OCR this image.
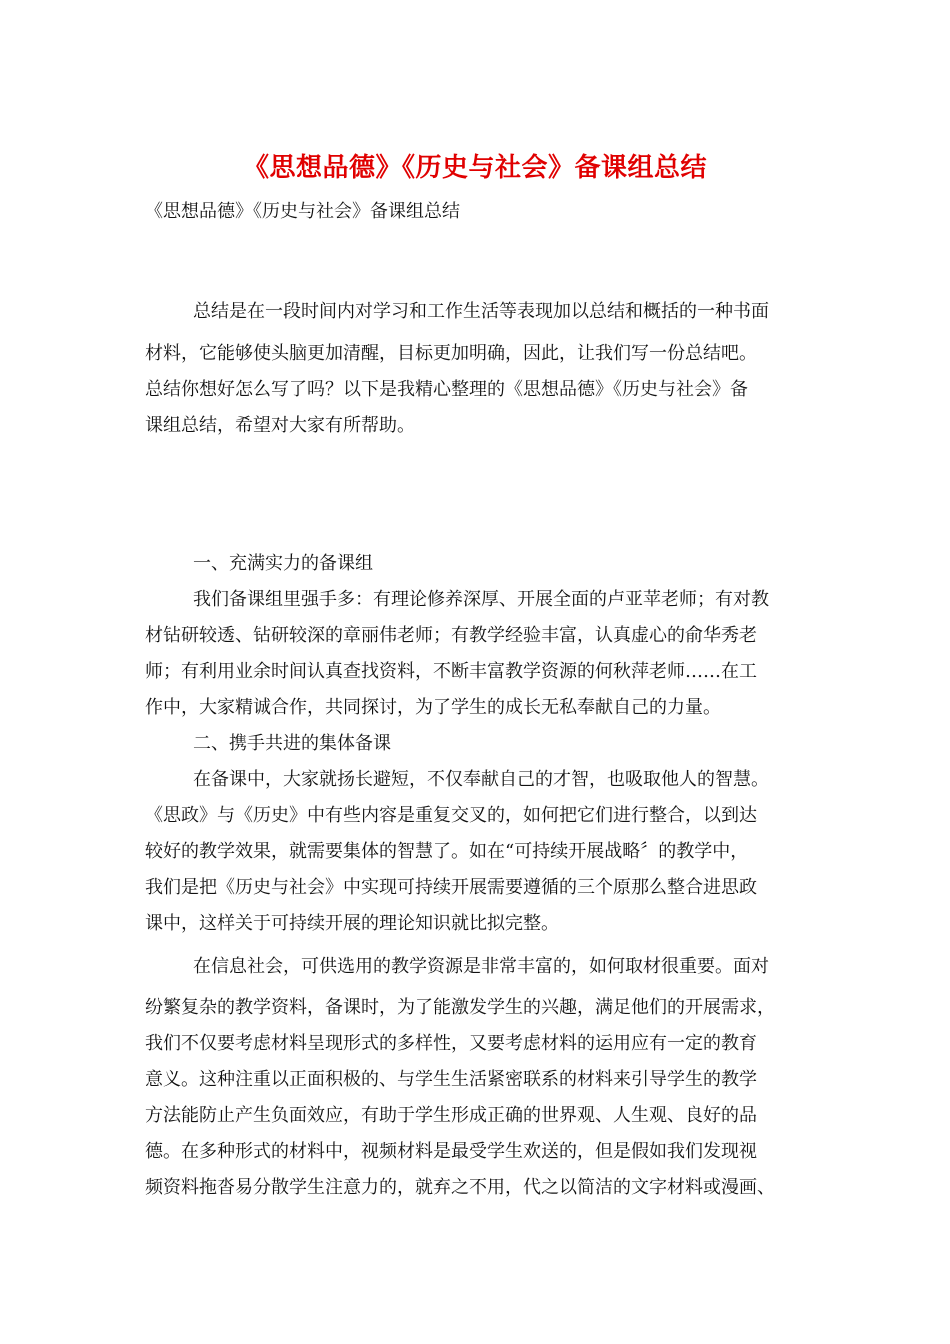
《思想品德》《历史与社会》备课组总结
《思想品德》《历史与社会》备课组总结
总结是在一段时间内对学习和工作生活等表现加以总结和概括的一种书面
材料，它能够使头脑更加清醒，目标更加明确，因此，让我们写一份总结吧。
总结你想好怎么写了吗？以下是我精心整理的《思想品德》《历史与社会》备
课组总结，希望对大家有所帮助。
一、充满实力的备课组
我们备课组里强手多：有理论修养深厚、开展全面的卢亚苹老师；有对教
材钻研较透、钻研较深的章丽伟老师；有教学经验丰富，认真虚心的俞华秀老
师；有利用业余时间认真查找资料，不断丰富教学资源的何秋萍老师……在工
作中，大家精诚合作，共同探讨，为了学生的成长无私奉献自己的力量。
二、携手共进的集体备课
在备课中，大家就扬长避短，不仅奉献自己的才智，也吸取他人的智慧。
《思政》与《历史》中有些内容是重复交叉的，如何把它们进行整合，以到达
较好的教学效果，就需要集体的智慧了。如在“可持续开展战略〞的教学中，
我们是把《历史与社会》中实现可持续开展需要遵循的三个原那么整合进思政
课中，这样关于可持续开展的理论知识就比拟完整。
在信息社会，可供选用的教学资源是非常丰富的，如何取材很重要。面对
纷繁复杂的教学资料，备课时，为了能激发学生的兴趣，满足他们的开展需求，
我们不仅要考虑材料呈现形式的多样性，又要考虑材料的运用应有一定的教育
意义。这种注重以正面积极的、与学生生活紧密联系的材料来引导学生的教学
方法能防止产生负面效应，有助于学生形成正确的世界观、人生观、良好的品
德。在多种形式的材料中，视频材料是最受学生欢送的，但是假如我们发现视
频资料拖沓易分散学生注意力的，就弃之不用，代之以简洁的文字材料或漫画、
